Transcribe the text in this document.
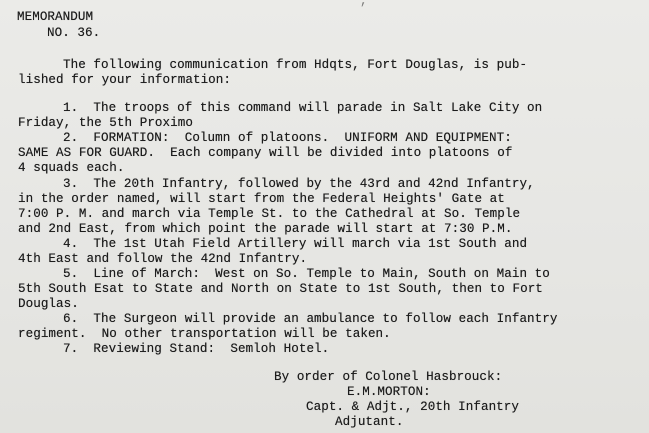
,
MEMORANDUM
NO. 36.
The following communication from Hdqts, Fort Douglas, is pub-
lished for your information:
1.  The troops of this command will parade in Salt Lake City on
Friday, the 5th Proximo
2.  FORMATION:  Column of platoons.  UNIFORM AND EQUIPMENT:
SAME AS FOR GUARD.  Each company will be divided into platoons of
4 squads each.
3.  The 20th Infantry, followed by the 43rd and 42nd Infantry,
in the order named, will start from the Federal Heights' Gate at
7:00 P. M. and march via Temple St. to the Cathedral at So. Temple
and 2nd East, from which point the parade will start at 7:30 P.M.
4.  The 1st Utah Field Artillery will march via 1st South and
4th East and follow the 42nd Infantry.
5.  Line of March:  West on So. Temple to Main, South on Main to
5th South Esat to State and North on State to 1st South, then to Fort
Douglas.
6.  The Surgeon will provide an ambulance to follow each Infantry
regiment.  No other transportation will be taken.
7.  Reviewing Stand:  Semloh Hotel.
By order of Colonel Hasbrouck:
E.M.MORTON:
Capt. & Adjt., 20th Infantry
Adjutant.
